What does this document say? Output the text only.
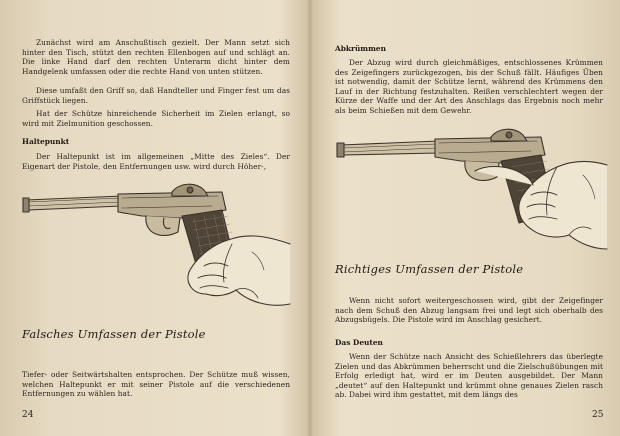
Zunächst wird am Anschußtisch gezielt. Der Mann setzt sich hinter den Tisch, stützt den rechten Ellenbogen auf und schlägt an. Die linke Hand darf den rechten Unterarm dicht hinter dem Handgelenk umfassen oder die rechte Hand von unten stützen.

Diese umfaßt den Griff so, daß Handteller und Finger fest um das Griffstück liegen.

Hat der Schütze hinreichende Sicherheit im Zielen erlangt, so wird mit Zielmunition geschossen.

Haltepunkt

Der Haltepunkt ist im allgemeinen „Mitte des Zieles“. Der Eigenart der Pistole, den Entfernungen usw. wird durch Höher-,

Falsches Umfassen der Pistole

Tiefer- oder Seitwärtshalten entsprochen. Der Schütze muß wissen, welchen Haltepunkt er mit seiner Pistole auf die verschiedenen Entfernungen zu wählen hat.

24
Abkrümmen

Der Abzug wird durch gleichmäßiges, entschlossenes Krümmen des Zeigefingers zurückgezogen, bis der Schuß fällt. Häufiges Üben ist notwendig, damit der Schütze lernt, während des Krümmens den Lauf in der Richtung festzuhalten. Reißen verschlechtert wegen der Kürze der Waffe und der Art des Anschlags das Ergebnis noch mehr als beim Schießen mit dem Gewehr.

Richtiges Umfassen der Pistole

Wenn nicht sofort weitergeschossen wird, gibt der Zeigefinger nach dem Schuß den Abzug langsam frei und legt sich oberhalb des Abzugsbügels. Die Pistole wird im Anschlag gesichert.

Das Deuten

Wenn der Schütze nach Ansicht des Schießlehrers das überlegte Zielen und das Abkrümmen beherrscht und die Zielschußübungen mit Erfolg erledigt hat, wird er im Deuten ausgebildet. Der Mann „deutet“ auf den Haltepunkt und krümmt ohne genaues Zielen rasch ab. Dabei wird ihm gestattet, mit dem längs des

25
